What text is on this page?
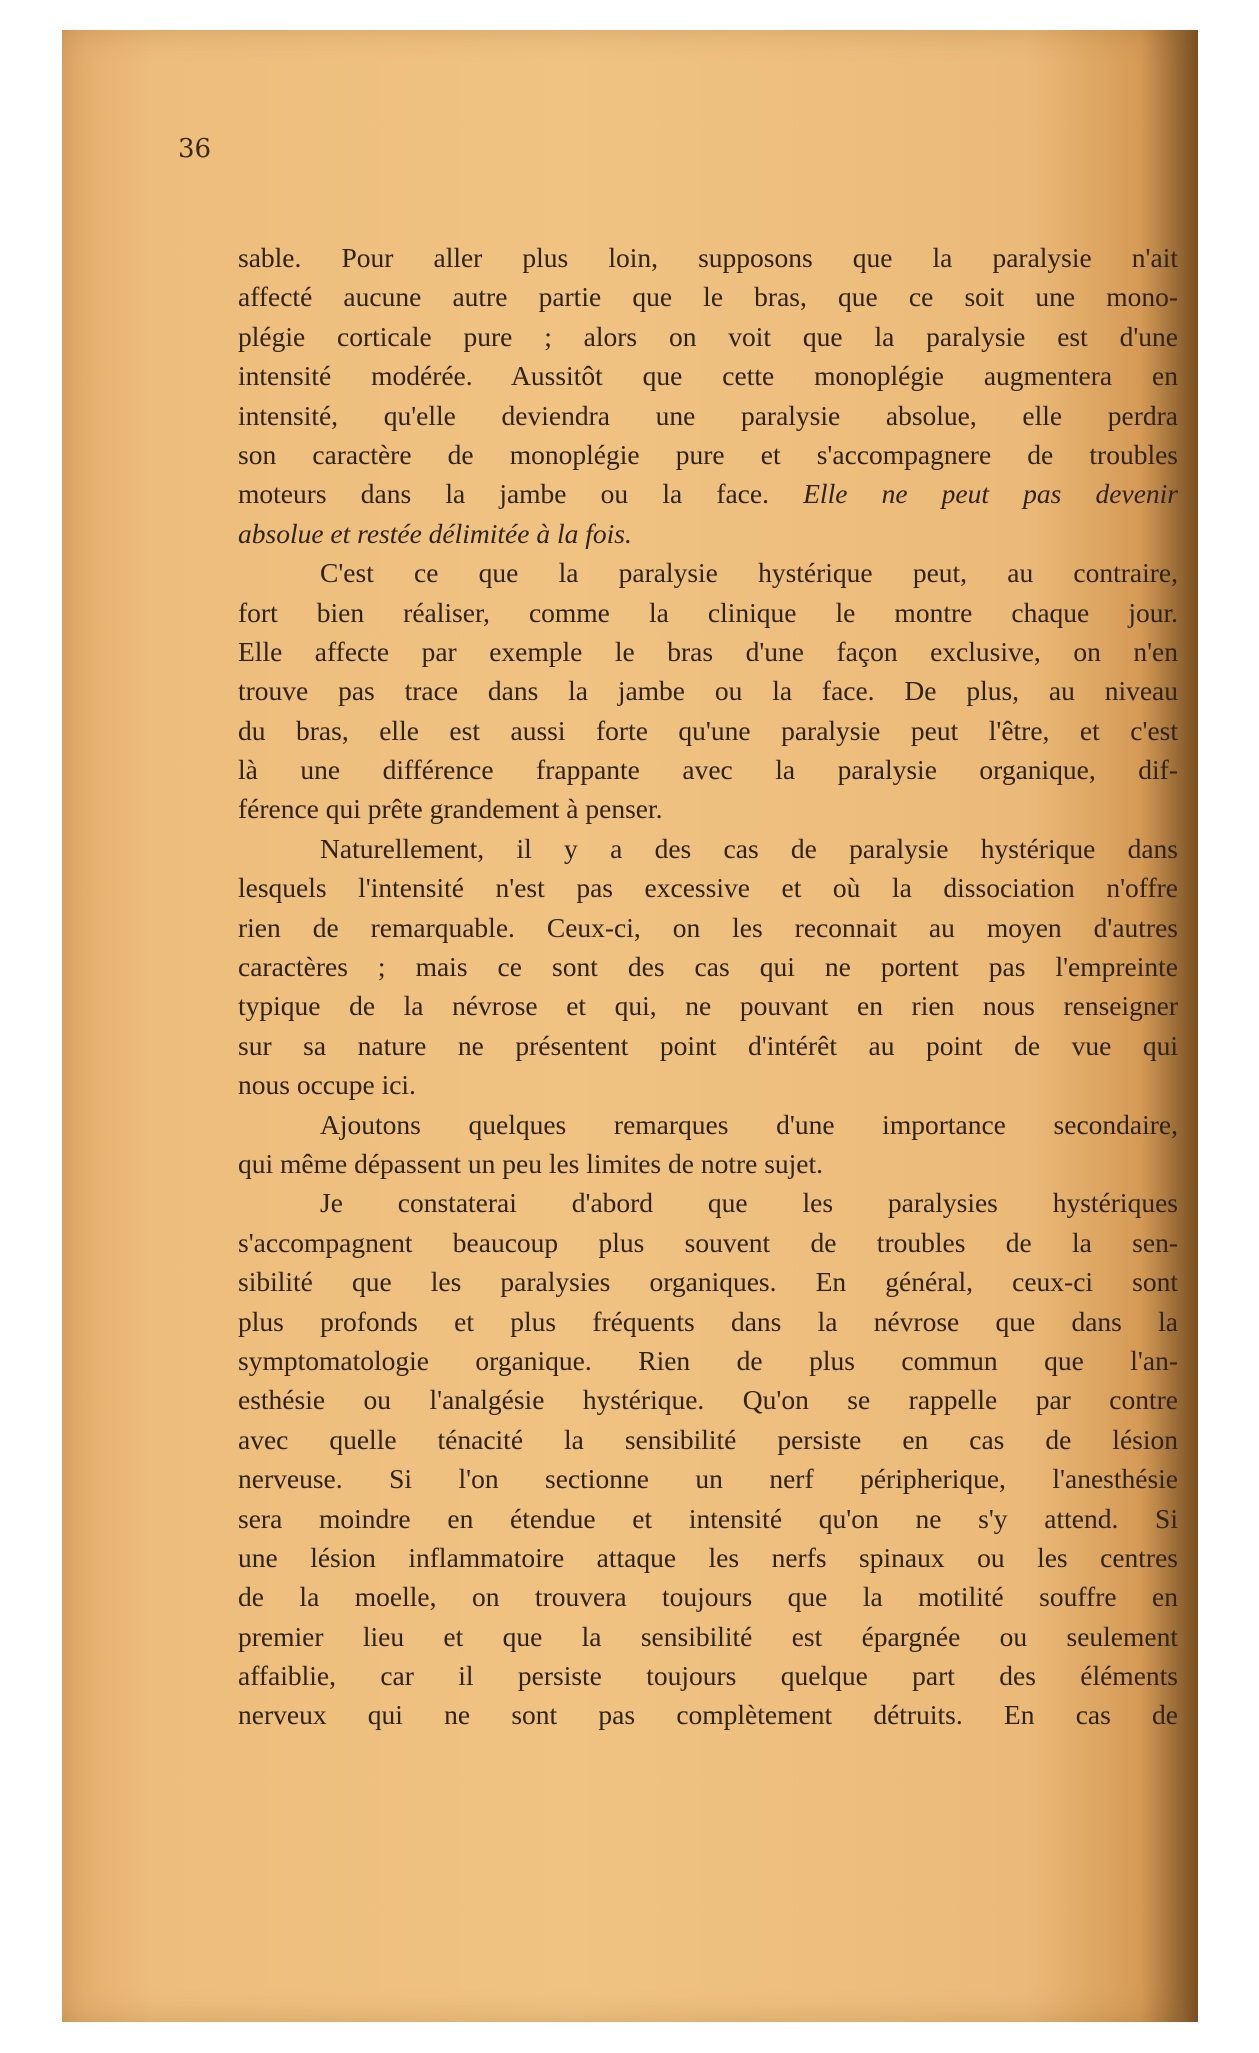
36

sable. Pour aller plus loin, supposons que la paralysie n'ait
affecté aucune autre partie que le bras, que ce soit une mono-
plégie corticale pure ; alors on voit que la paralysie est d'une
intensité modérée. Aussitôt que cette monoplégie augmentera en
intensité, qu'elle deviendra une paralysie absolue, elle perdra
son caractère de monoplégie pure et s'accompagnere de troubles
moteurs dans la jambe ou la face. Elle ne peut pas devenir
absolue et restée délimitée à la fois.
C'est ce que la paralysie hystérique peut, au contraire,
fort bien réaliser, comme la clinique le montre chaque jour.
Elle affecte par exemple le bras d'une façon exclusive, on n'en
trouve pas trace dans la jambe ou la face. De plus, au niveau
du bras, elle est aussi forte qu'une paralysie peut l'être, et c'est
là une différence frappante avec la paralysie organique, dif-
férence qui prête grandement à penser.
Naturellement, il y a des cas de paralysie hystérique dans
lesquels l'intensité n'est pas excessive et où la dissociation n'offre
rien de remarquable. Ceux-ci, on les reconnait au moyen d'autres
caractères ; mais ce sont des cas qui ne portent pas l'empreinte
typique de la névrose et qui, ne pouvant en rien nous renseigner
sur sa nature ne présentent point d'intérêt au point de vue qui
nous occupe ici.
Ajoutons quelques remarques d'une importance secondaire,
qui même dépassent un peu les limites de notre sujet.
Je constaterai d'abord que les paralysies hystériques
s'accompagnent beaucoup plus souvent de troubles de la sen-
sibilité que les paralysies organiques. En général, ceux-ci sont
plus profonds et plus fréquents dans la névrose que dans la
symptomatologie organique. Rien de plus commun que l'an-
esthésie ou l'analgésie hystérique. Qu'on se rappelle par contre
avec quelle ténacité la sensibilité persiste en cas de lésion
nerveuse. Si l'on sectionne un nerf péripherique, l'anesthésie
sera moindre en étendue et intensité qu'on ne s'y attend. Si
une lésion inflammatoire attaque les nerfs spinaux ou les centres
de la moelle, on trouvera toujours que la motilité souffre en
premier lieu et que la sensibilité est épargnée ou seulement
affaiblie, car il persiste toujours quelque part des éléments
nerveux qui ne sont pas complètement détruits. En cas de
